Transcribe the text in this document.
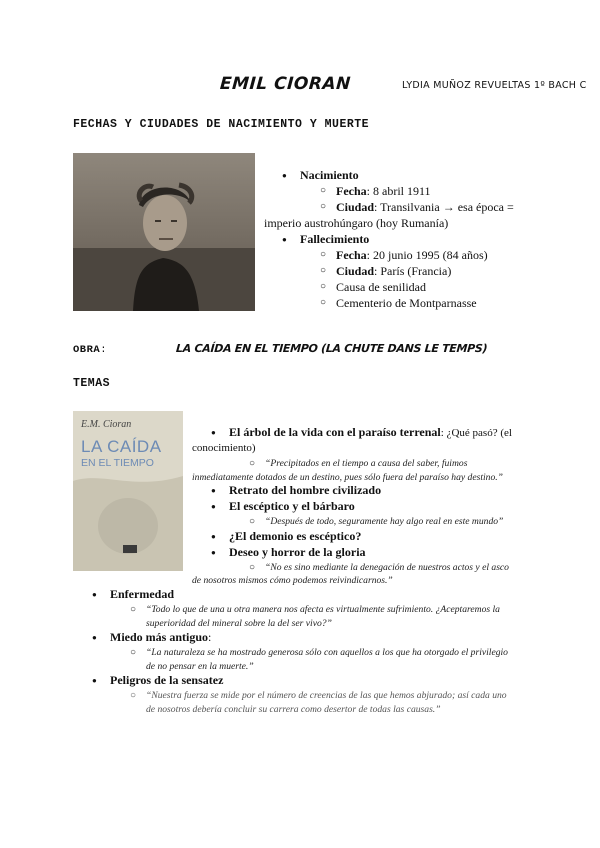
EMIL CIORAN	LYDIA MUÑOZ REVUELTAS 1º BACH C
FECHAS Y CIUDADES DE NACIMIENTO Y MUERTE
● Nacimiento
○ Fecha: 8 abril 1911
○ Ciudad: Transilvania → esa época =
imperio austrohúngaro (hoy Rumanía)
● Fallecimiento
○ Fecha: 20 junio 1995 (84 años)
○ Ciudad: París (Francia)
○ Causa de senilidad
○ Cementerio de Montparnasse
OBRA:	LA CAÍDA EN EL TIEMPO (LA CHUTE DANS LE TEMPS)
TEMAS
E.M. Cioran
LA CAÍDA
EN EL TIEMPO
● El árbol de la vida con el paraíso terrenal: ¿Qué pasó? (el
conocimiento)
○ “Precipitados en el tiempo a causa del saber, fuimos
inmediatamente dotados de un destino, pues sólo fuera del paraíso hay destino.”
● Retrato del hombre civilizado
● El escéptico y el bárbaro
○ “Después de todo, seguramente hay algo real en este mundo”
● ¿El demonio es escéptico?
● Deseo y horror de la gloria
○ “No es sino mediante la denegación de nuestros actos y el asco
de nosotros mismos cómo podemos reivindicarnos.”
● Enfermedad
○ “Todo lo que de una u otra manera nos afecta es virtualmente sufrimiento. ¿Aceptaremos la
superioridad del mineral sobre la del ser vivo?”
● Miedo más antiguo:
○ “La naturaleza se ha mostrado generosa sólo con aquellos a los que ha otorgado el privilegio
de no pensar en la muerte.”
● Peligros de la sensatez
○ “Nuestra fuerza se mide por el número de creencias de las que hemos abjurado; así cada uno
de nosotros debería concluir su carrera como desertor de todas las causas.”
